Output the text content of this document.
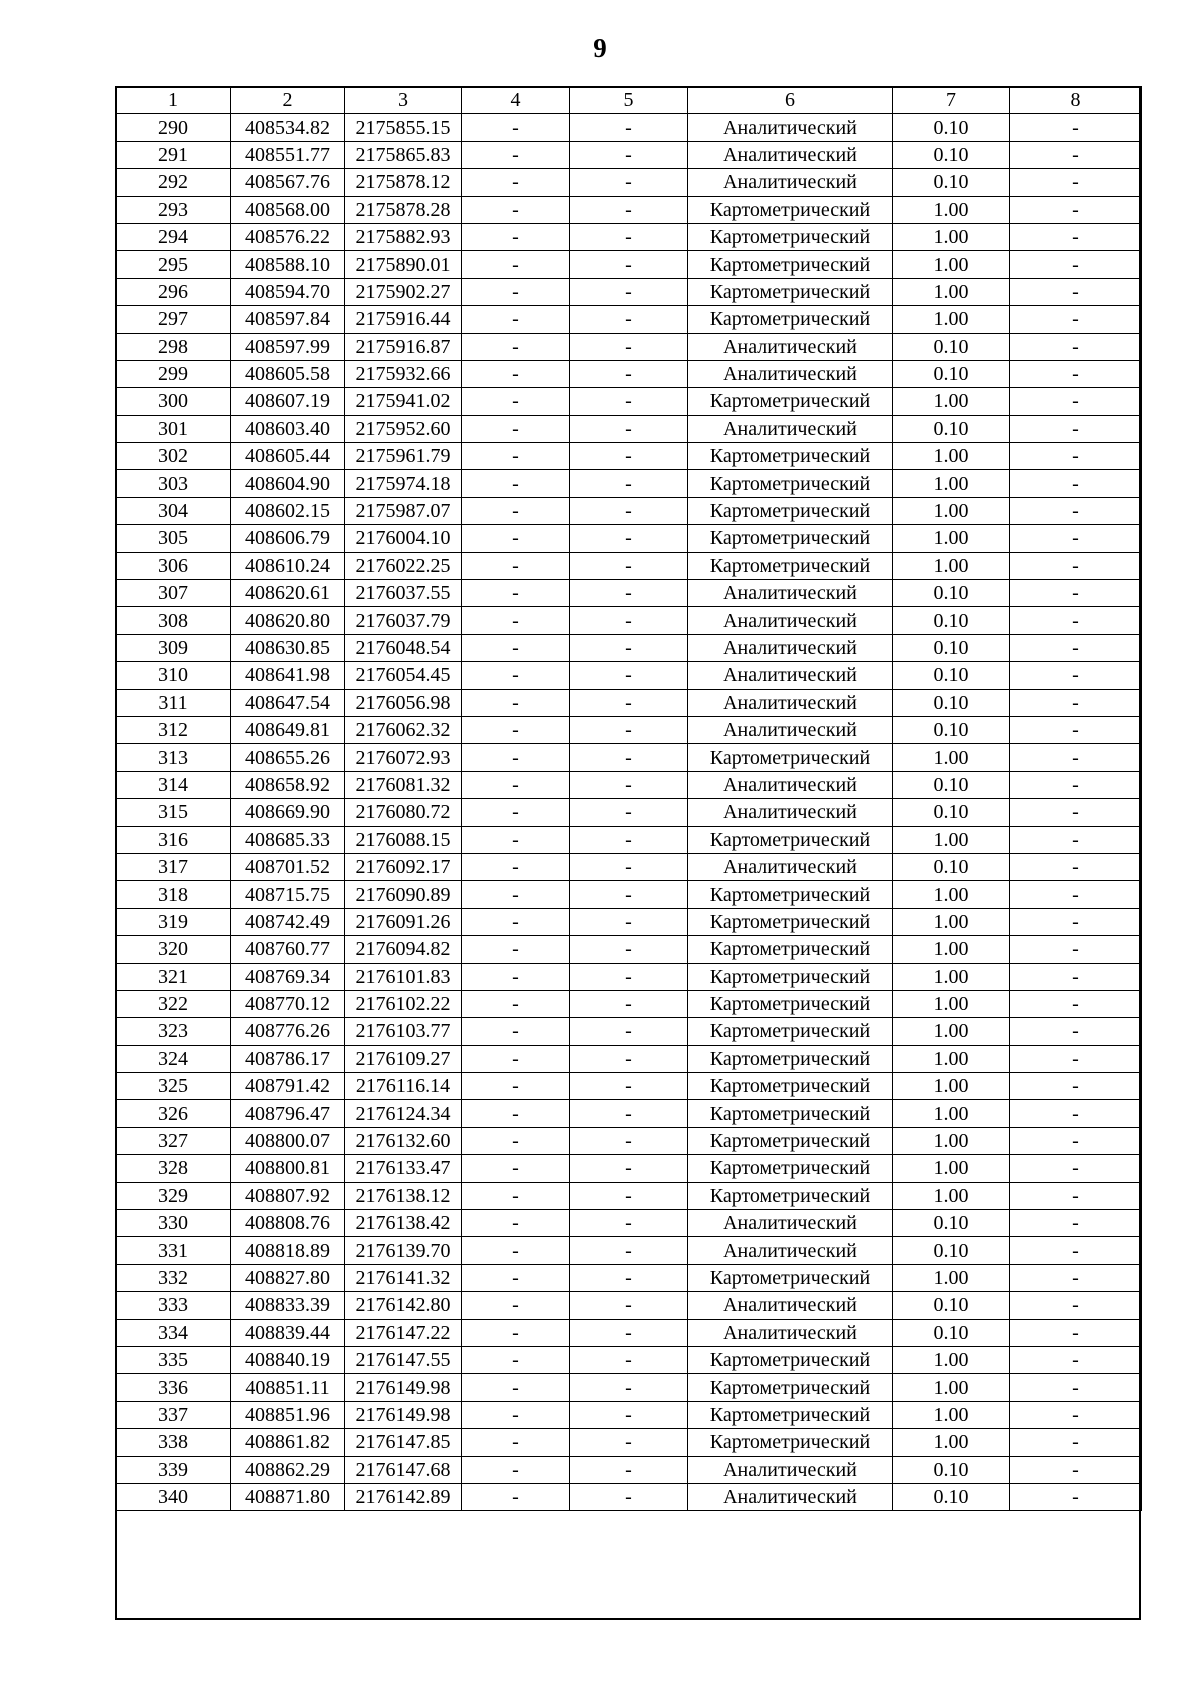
9
1	2	3	4	5	6	7	8
290	408534.82	2175855.15	-	-	Аналитический	0.10	-
291	408551.77	2175865.83	-	-	Аналитический	0.10	-
292	408567.76	2175878.12	-	-	Аналитический	0.10	-
293	408568.00	2175878.28	-	-	Картометрический	1.00	-
294	408576.22	2175882.93	-	-	Картометрический	1.00	-
295	408588.10	2175890.01	-	-	Картометрический	1.00	-
296	408594.70	2175902.27	-	-	Картометрический	1.00	-
297	408597.84	2175916.44	-	-	Картометрический	1.00	-
298	408597.99	2175916.87	-	-	Аналитический	0.10	-
299	408605.58	2175932.66	-	-	Аналитический	0.10	-
300	408607.19	2175941.02	-	-	Картометрический	1.00	-
301	408603.40	2175952.60	-	-	Аналитический	0.10	-
302	408605.44	2175961.79	-	-	Картометрический	1.00	-
303	408604.90	2175974.18	-	-	Картометрический	1.00	-
304	408602.15	2175987.07	-	-	Картометрический	1.00	-
305	408606.79	2176004.10	-	-	Картометрический	1.00	-
306	408610.24	2176022.25	-	-	Картометрический	1.00	-
307	408620.61	2176037.55	-	-	Аналитический	0.10	-
308	408620.80	2176037.79	-	-	Аналитический	0.10	-
309	408630.85	2176048.54	-	-	Аналитический	0.10	-
310	408641.98	2176054.45	-	-	Аналитический	0.10	-
311	408647.54	2176056.98	-	-	Аналитический	0.10	-
312	408649.81	2176062.32	-	-	Аналитический	0.10	-
313	408655.26	2176072.93	-	-	Картометрический	1.00	-
314	408658.92	2176081.32	-	-	Аналитический	0.10	-
315	408669.90	2176080.72	-	-	Аналитический	0.10	-
316	408685.33	2176088.15	-	-	Картометрический	1.00	-
317	408701.52	2176092.17	-	-	Аналитический	0.10	-
318	408715.75	2176090.89	-	-	Картометрический	1.00	-
319	408742.49	2176091.26	-	-	Картометрический	1.00	-
320	408760.77	2176094.82	-	-	Картометрический	1.00	-
321	408769.34	2176101.83	-	-	Картометрический	1.00	-
322	408770.12	2176102.22	-	-	Картометрический	1.00	-
323	408776.26	2176103.77	-	-	Картометрический	1.00	-
324	408786.17	2176109.27	-	-	Картометрический	1.00	-
325	408791.42	2176116.14	-	-	Картометрический	1.00	-
326	408796.47	2176124.34	-	-	Картометрический	1.00	-
327	408800.07	2176132.60	-	-	Картометрический	1.00	-
328	408800.81	2176133.47	-	-	Картометрический	1.00	-
329	408807.92	2176138.12	-	-	Картометрический	1.00	-
330	408808.76	2176138.42	-	-	Аналитический	0.10	-
331	408818.89	2176139.70	-	-	Аналитический	0.10	-
332	408827.80	2176141.32	-	-	Картометрический	1.00	-
333	408833.39	2176142.80	-	-	Аналитический	0.10	-
334	408839.44	2176147.22	-	-	Аналитический	0.10	-
335	408840.19	2176147.55	-	-	Картометрический	1.00	-
336	408851.11	2176149.98	-	-	Картометрический	1.00	-
337	408851.96	2176149.98	-	-	Картометрический	1.00	-
338	408861.82	2176147.85	-	-	Картометрический	1.00	-
339	408862.29	2176147.68	-	-	Аналитический	0.10	-
340	408871.80	2176142.89	-	-	Аналитический	0.10	-
